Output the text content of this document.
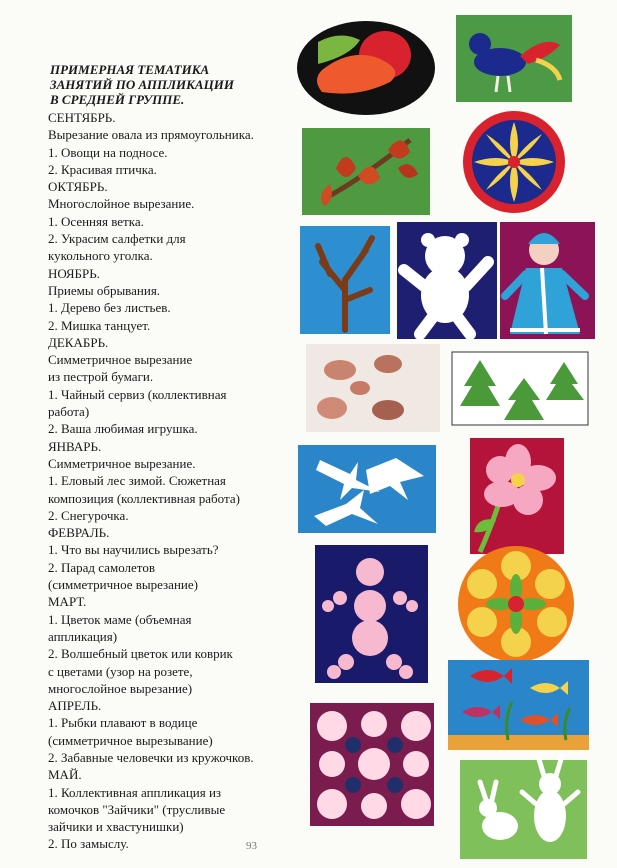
ПРИМЕРНАЯ ТЕМАТИКА
ЗАНЯТИЙ ПО АППЛИКАЦИИ
В СРЕДНЕЙ ГРУППЕ.
СЕНТЯБРЬ.
Вырезание овала из прямоугольника.
1. Овощи на подносе.
2. Красивая птичка.
ОКТЯБРЬ.
Многослойное вырезание.
1. Осенняя ветка.
2. Украсим салфетки для
кукольного уголка.
НОЯБРЬ.
Приемы обрывания.
1. Дерево без листьев.
2. Мишка танцует.
ДЕКАБРЬ.
Симметричное вырезание
из пестрой бумаги.
1. Чайный сервиз (коллективная
работа)
2. Ваша любимая игрушка.
ЯНВАРЬ.
Симметричное вырезание.
1. Еловый лес зимой. Сюжетная
композиция (коллективная работа)
2. Снегурочка.
ФЕВРАЛЬ.
1. Что вы научились вырезать?
2. Парад самолетов
(симметричное вырезание)
МАРТ.
1. Цветок маме (объемная
аппликация)
2. Волшебный цветок или коврик
с цветами (узор на розете,
многослойное вырезание)
АПРЕЛЬ.
1. Рыбки плавают в водице
(симметричное вырезывание)
2. Забавные человечки из кружочков.
МАЙ.
1. Коллективная аппликация из
комочков "Зайчики" (трусливые
зайчики и хвастунишки)
2. По замыслу.	93
